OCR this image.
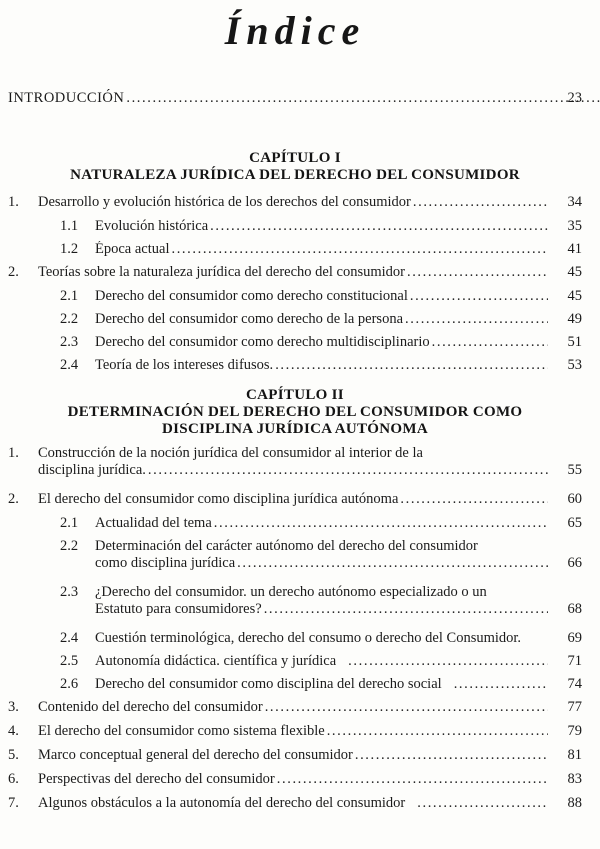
Índice
INTRODUCCIÓN .....	23
CAPÍTULO I
NATURALEZA JURÍDICA DEL DERECHO DEL CONSUMIDOR
1.	Desarrollo y evolución histórica de los derechos del consumidor .....	34
1.1	Evolución histórica .....	35
1.2	Época actual .....	41
2.	Teorías sobre la naturaleza jurídica del derecho del consumidor .....	45
2.1	Derecho del consumidor como derecho constitucional .....	45
2.2	Derecho del consumidor como derecho de la persona .....	49
2.3	Derecho del consumidor como derecho multidisciplinario .....	51
2.4	Teoría de los intereses difusos. .....	53
CAPÍTULO II
DETERMINACIÓN DEL DERECHO DEL CONSUMIDOR COMO
DISCIPLINA JURÍDICA AUTÓNOMA
1.	Construcción de la noción jurídica del consumidor al interior de la
disciplina jurídica. .....	55
2.	El derecho del consumidor como disciplina jurídica autónoma .....	60
2.1	Actualidad del tema .....	65
2.2	Determinación del carácter autónomo del derecho del consumidor
como disciplina jurídica .....	66
2.3	¿Derecho del consumidor. un derecho autónomo especializado o un
Estatuto para consumidores? .....	68
2.4	Cuestión terminológica, derecho del consumo o derecho del Consumidor.	69
2.5	Autonomía didáctica. científica y jurídica .....	71
2.6	Derecho del consumidor como disciplina del derecho social .....	74
3.	Contenido del derecho del consumidor .....	77
4.	El derecho del consumidor como sistema flexible .....	79
5.	Marco conceptual general del derecho del consumidor .....	81
6.	Perspectivas del derecho del consumidor .....	83
7.	Algunos obstáculos a la autonomía del derecho del consumidor .....	88
